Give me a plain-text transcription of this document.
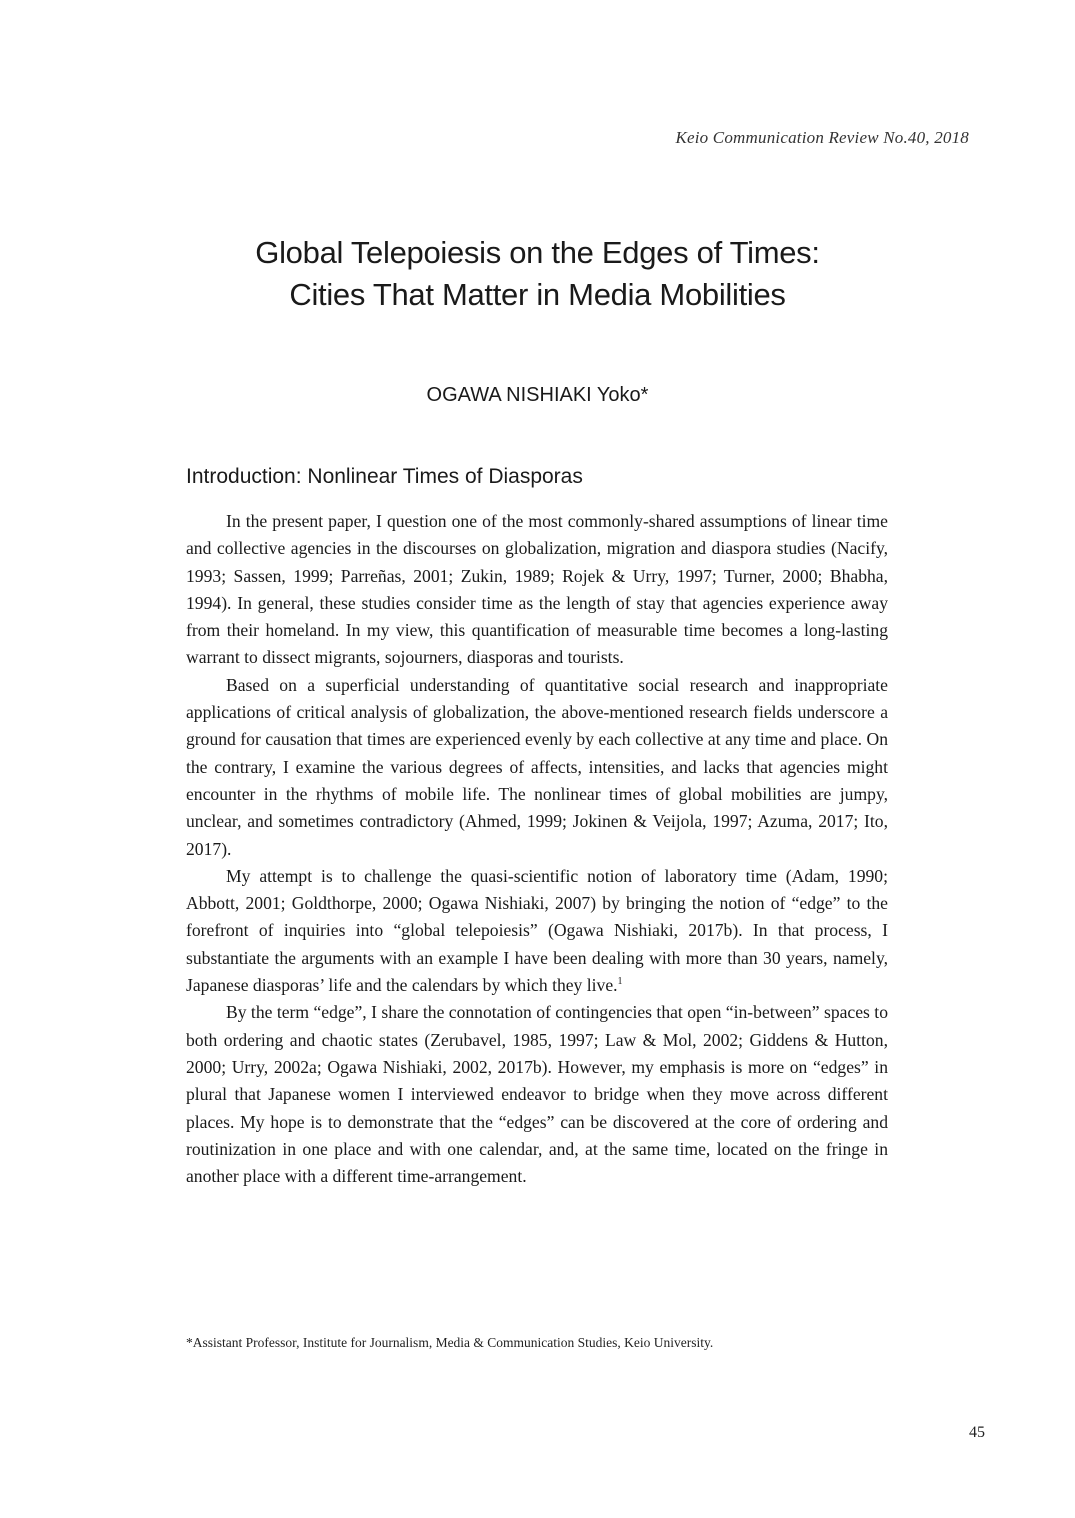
Keio Communication Review No.40, 2018
Global Telepoiesis on the Edges of Times:
Cities That Matter in Media Mobilities
OGAWA NISHIAKI Yoko*
Introduction: Nonlinear Times of Diasporas

In the present paper, I question one of the most commonly-shared assumptions of linear time and collective agencies in the discourses on globalization, migration and diaspora studies (Nacify, 1993; Sassen, 1999; Parreñas, 2001; Zukin, 1989; Rojek & Urry, 1997; Turner, 2000; Bhabha, 1994). In general, these studies consider time as the length of stay that agencies experience away from their homeland. In my view, this quantification of measurable time becomes a long-lasting warrant to dissect migrants, sojourners, diasporas and tourists.

Based on a superficial understanding of quantitative social research and inappropriate applications of critical analysis of globalization, the above-mentioned research fields underscore a ground for causation that times are experienced evenly by each collective at any time and place. On the contrary, I examine the various degrees of affects, intensities, and lacks that agencies might encounter in the rhythms of mobile life. The nonlinear times of global mobilities are jumpy, unclear, and sometimes contradictory (Ahmed, 1999; Jokinen & Veijola, 1997; Azuma, 2017; Ito, 2017).

My attempt is to challenge the quasi-scientific notion of laboratory time (Adam, 1990; Abbott, 2001; Goldthorpe, 2000; Ogawa Nishiaki, 2007) by bringing the notion of “edge” to the forefront of inquiries into “global telepoiesis” (Ogawa Nishiaki, 2017b). In that process, I substantiate the arguments with an example I have been dealing with more than 30 years, namely, Japanese diasporas’ life and the calendars by which they live.$^1$

By the term “edge”, I share the connotation of contingencies that open “in-between” spaces to both ordering and chaotic states (Zerubavel, 1985, 1997; Law & Mol, 2002; Giddens & Hutton, 2000; Urry, 2002a; Ogawa Nishiaki, 2002, 2017b). However, my emphasis is more on “edges” in plural that Japanese women I interviewed endeavor to bridge when they move across different places. My hope is to demonstrate that the “edges” can be discovered at the core of ordering and routinization in one place and with one calendar, and, at the same time, located on the fringe in another place with a different time-arrangement.

*Assistant Professor, Institute for Journalism, Media & Communication Studies, Keio University.
45
